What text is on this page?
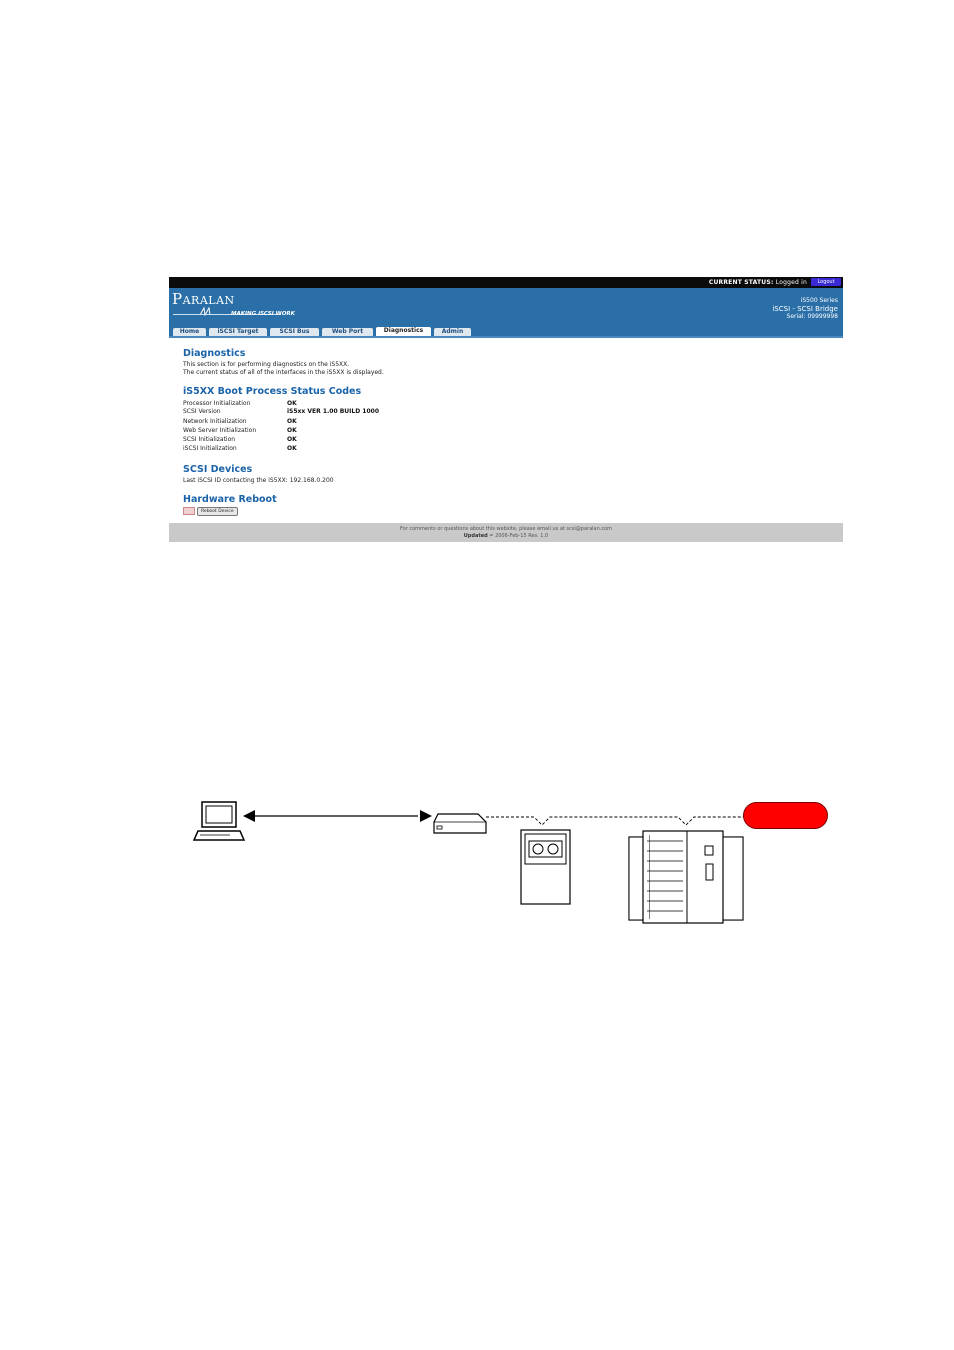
CURRENT STATUS: Logged in	Logout
Paralan
MAKING iSCSI WORK
iS500 Series
iSCSI - SCSI Bridge
Serial: 09999998
Home	iSCSI Target	SCSI Bus	Web Port	Diagnostics	Admin
Diagnostics
This section is for performing diagnostics on the iS5XX.
The current status of all of the interfaces in the iS5XX is displayed.
iS5XX Boot Process Status Codes
Processor Initialization	OK
SCSI Version	iS5xx VER 1.00 BUILD 1000
Network Initialization	OK
Web Server Initialization	OK
SCSI Initialization	OK
iSCSI Initialization	OK
SCSI Devices
Last iSCSI ID contacting the iS5XX: 192.168.0.200
Hardware Reboot
Reboot Device
For comments or questions about this website, please email us at scsi@paralan.com
Updated = 2006-Feb-15 Rev. 1.0
